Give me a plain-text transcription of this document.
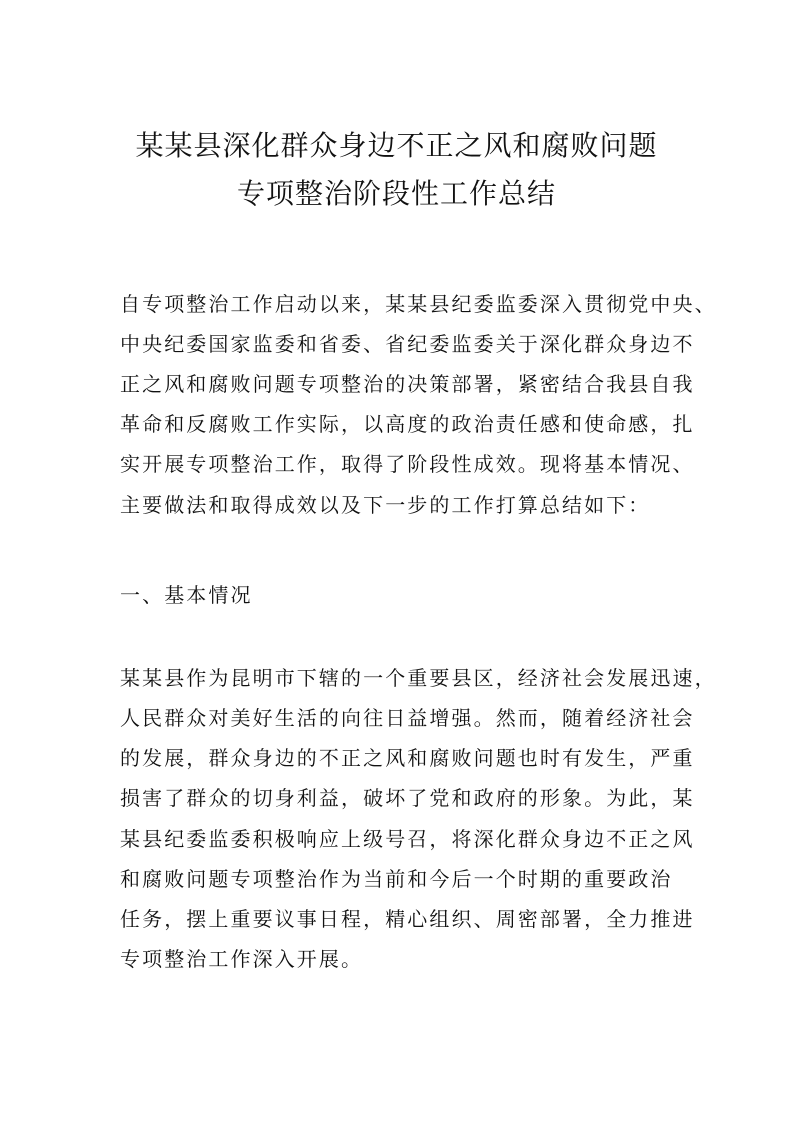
某某县深化群众身边不正之风和腐败问题
专项整治阶段性工作总结
自专项整治工作启动以来，某某县纪委监委深入贯彻党中央、
中央纪委国家监委和省委、省纪委监委关于深化群众身边不
正之风和腐败问题专项整治的决策部署，紧密结合我县自我
革命和反腐败工作实际，以高度的政治责任感和使命感，扎
实开展专项整治工作，取得了阶段性成效。现将基本情况、
主要做法和取得成效以及下一步的工作打算总结如下：
一、基本情况
某某县作为昆明市下辖的一个重要县区，经济社会发展迅速，
人民群众对美好生活的向往日益增强。然而，随着经济社会
的发展，群众身边的不正之风和腐败问题也时有发生，严重
损害了群众的切身利益，破坏了党和政府的形象。为此，某
某县纪委监委积极响应上级号召，将深化群众身边不正之风
和腐败问题专项整治作为当前和今后一个时期的重要政治
任务，摆上重要议事日程，精心组织、周密部署，全力推进
专项整治工作深入开展。
